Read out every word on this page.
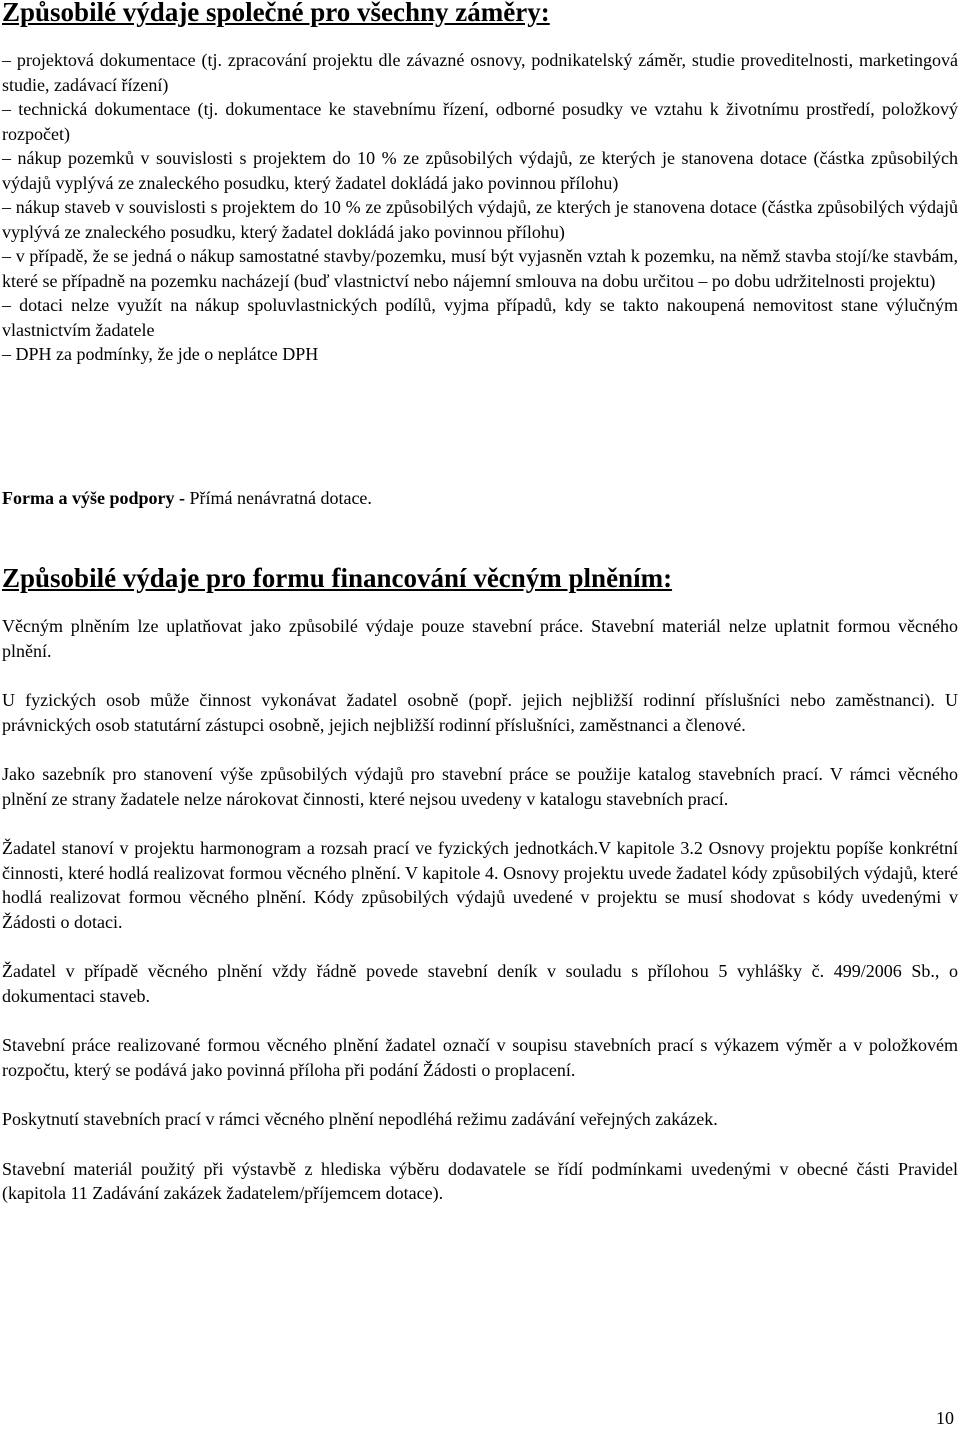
Způsobilé výdaje společné pro všechny záměry:

– projektová dokumentace (tj. zpracování projektu dle závazné osnovy, podnikatelský záměr, studie proveditelnosti, marketingová studie, zadávací řízení)

– technická dokumentace (tj. dokumentace ke stavebnímu řízení, odborné posudky ve vztahu k životnímu prostředí, položkový rozpočet)

– nákup pozemků v souvislosti s projektem do 10 % ze způsobilých výdajů, ze kterých je stanovena dotace (částka způsobilých výdajů vyplývá ze znaleckého posudku, který žadatel dokládá jako povinnou přílohu)

– nákup staveb v souvislosti s projektem do 10 % ze způsobilých výdajů, ze kterých je stanovena dotace (částka způsobilých výdajů vyplývá ze znaleckého posudku, který žadatel dokládá jako povinnou přílohu)

– v případě, že se jedná o nákup samostatné stavby/pozemku, musí být vyjasněn vztah k pozemku, na němž stavba stojí/ke stavbám, které se případně na pozemku nacházejí (buď vlastnictví nebo nájemní smlouva na dobu určitou – po dobu udržitelnosti projektu)

– dotaci nelze využít na nákup spoluvlastnických podílů, vyjma případů, kdy se takto nakoupená nemovitost stane výlučným vlastnictvím žadatele

– DPH za podmínky, že jde o neplátce DPH

Forma a výše podpory - Přímá nenávratná dotace.

Způsobilé výdaje pro formu financování věcným plněním:

Věcným plněním lze uplatňovat jako způsobilé výdaje pouze stavební práce. Stavební materiál nelze uplatnit formou věcného plnění.

U fyzických osob může činnost vykonávat žadatel osobně (popř. jejich nejbližší rodinní příslušníci nebo zaměstnanci). U právnických osob statutární zástupci osobně, jejich nejbližší rodinní příslušníci, zaměstnanci a členové.

Jako sazebník pro stanovení výše způsobilých výdajů pro stavební práce se použije katalog stavebních prací. V rámci věcného plnění ze strany žadatele nelze nárokovat činnosti, které nejsou uvedeny v katalogu stavebních prací.

Žadatel stanoví v projektu harmonogram a rozsah prací ve fyzických jednotkách.V kapitole 3.2 Osnovy projektu popíše konkrétní činnosti, které hodlá realizovat formou věcného plnění. V kapitole 4. Osnovy projektu uvede žadatel kódy způsobilých výdajů, které hodlá realizovat formou věcného plnění. Kódy způsobilých výdajů uvedené v projektu se musí shodovat s kódy uvedenými v Žádosti o dotaci.

Žadatel v případě věcného plnění vždy řádně povede stavební deník v souladu s přílohou 5 vyhlášky č. 499/2006 Sb., o dokumentaci staveb.

Stavební práce realizované formou věcného plnění žadatel označí v soupisu stavebních prací s výkazem výměr a v položkovém rozpočtu, který se podává jako povinná příloha při podání Žádosti o proplacení.

Poskytnutí stavebních prací v rámci věcného plnění nepodléhá režimu zadávání veřejných zakázek.

Stavební materiál použitý při výstavbě z hlediska výběru dodavatele se řídí podmínkami uvedenými v obecné části Pravidel (kapitola 11 Zadávání zakázek žadatelem/příjemcem dotace).

10
